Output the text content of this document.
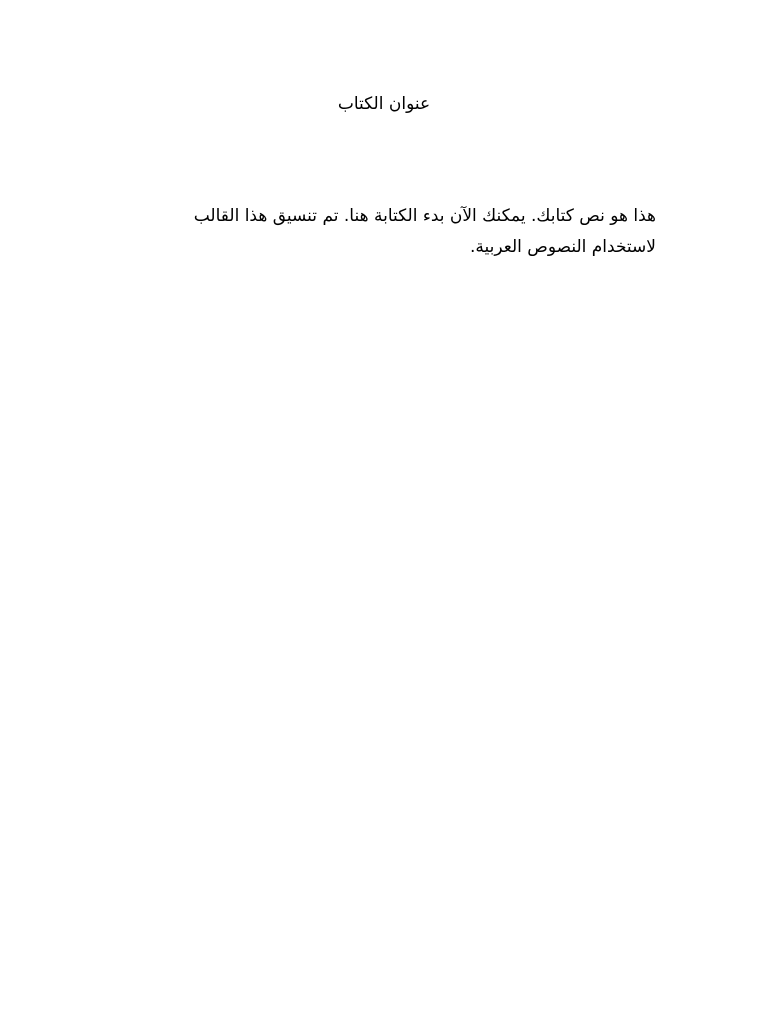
عنوان الكتاب

هذا هو نص كتابك. يمكنك الآن بدء الكتابة هنا. تم تنسيق هذا القالب
لاستخدام النصوص العربية.
